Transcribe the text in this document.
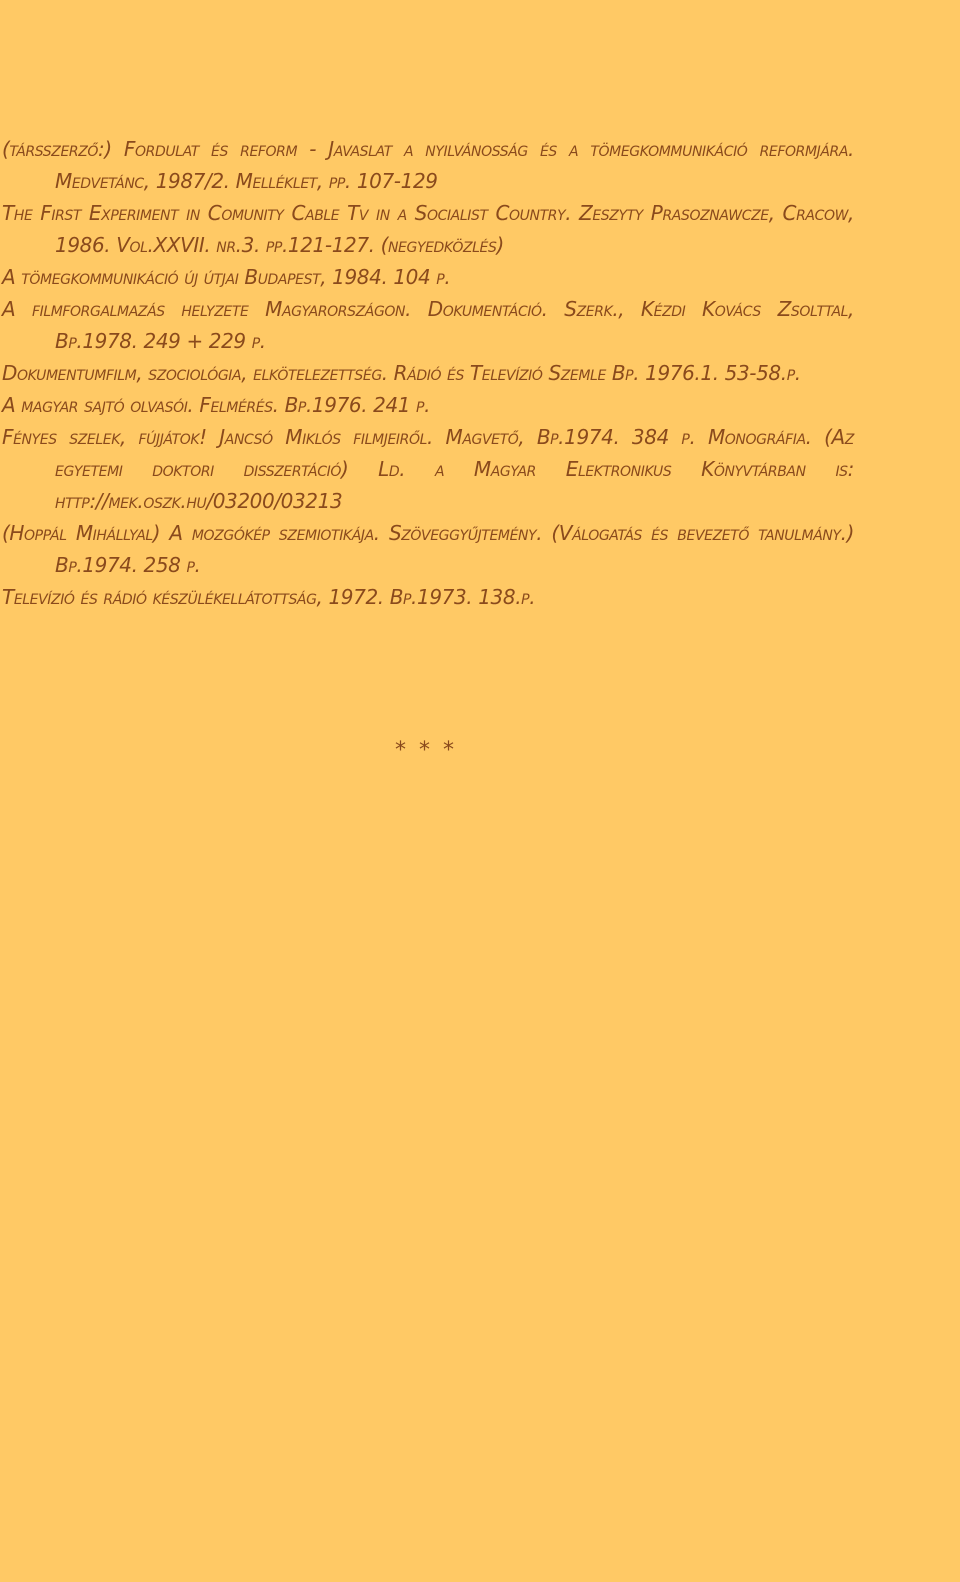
(társszerző:) Fordulat és reform - Javaslat a nyilvánosság és a tömegkommunikáció reformjára. Medvetánc, 1987/2. Melléklet, pp. 107-129
The First Experiment in Comunity Cable Tv in a Socialist Country. Zeszyty Prasoznawcze, Cracow, 1986. Vol.XXVII. nr.3. pp.121-127. (negyedközlés)
A tömegkommunikáció új útjai Budapest, 1984. 104 p.
A filmforgalmazás helyzete Magyarországon. Dokumentáció. Szerk., Kézdi Kovács Zsolttal, Bp.1978. 249 + 229 p.
Dokumentumfilm, szociológia, elkötelezettség. Rádió és Televízió Szemle Bp. 1976.1. 53-58.p.
A magyar sajtó olvasói. Felmérés. Bp.1976. 241 p.
Fényes szelek, fújjátok! Jancsó Miklós filmjeiről. Magvető, Bp.1974. 384 p. Monográfia. (Az egyetemi doktori disszertáció) Ld. a Magyar Elektronikus Könyvtárban is: http://mek.oszk.hu/03200/03213
(Hoppál Mihállyal) A mozgókép szemiotikája. Szöveggyűjtemény. (Válogatás és bevezető tanulmány.) Bp.1974. 258 p.
Televízió és rádió készülékellátottság, 1972. Bp.1973. 138.p.
* * *
